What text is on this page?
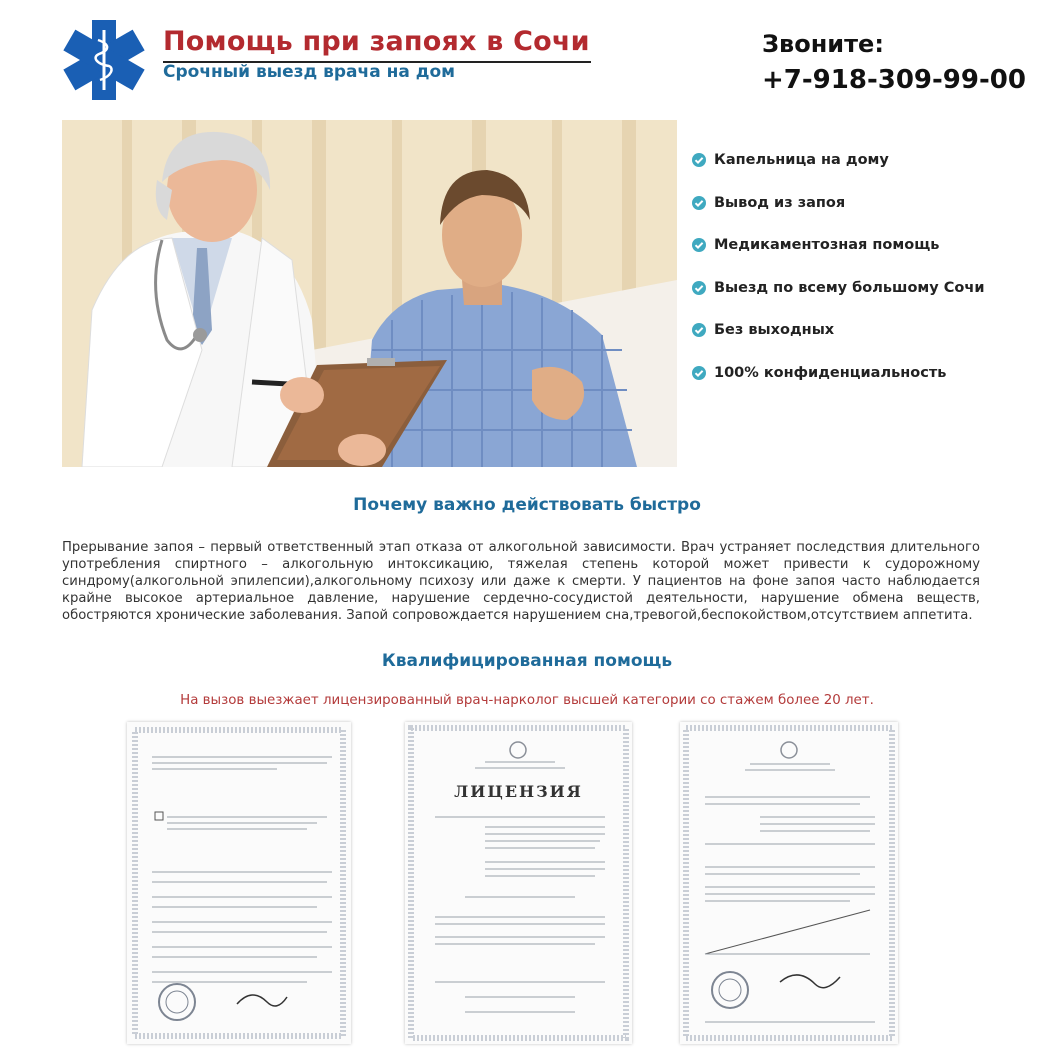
Помощь при запоях в Сочи
Срочный выезд врача на дом
Звоните:
+7-918-309-99-00
Капельница на дому
Вывод из запоя
Медикаментозная помощь
Выезд по всему большому Сочи
Без выходных
100% конфиденциальность
Почему важно действовать быстро

Прерывание запоя – первый ответственный этап отказа от алкогольной зависимости. Врач устраняет последствия длительного употребления спиртного – алкогольную интоксикацию, тяжелая степень которой может привести к судорожному синдрому(алкогольной эпилепсии),алкогольному психозу или даже к смерти. У пациентов на фоне запоя часто наблюдается крайне высокое артериальное давление, нарушение сердечно-сосудистой деятельности, нарушение обмена веществ, обостряются хронические заболевания. Запой сопровождается нарушением сна,тревогой,беспокойством,отсутствием аппетита.

Квалифицированная помощь

На вызов выезжает лицензированный врач-нарколог высшей категории со стажем более 20 лет.

ЛИЦЕНЗИЯ
